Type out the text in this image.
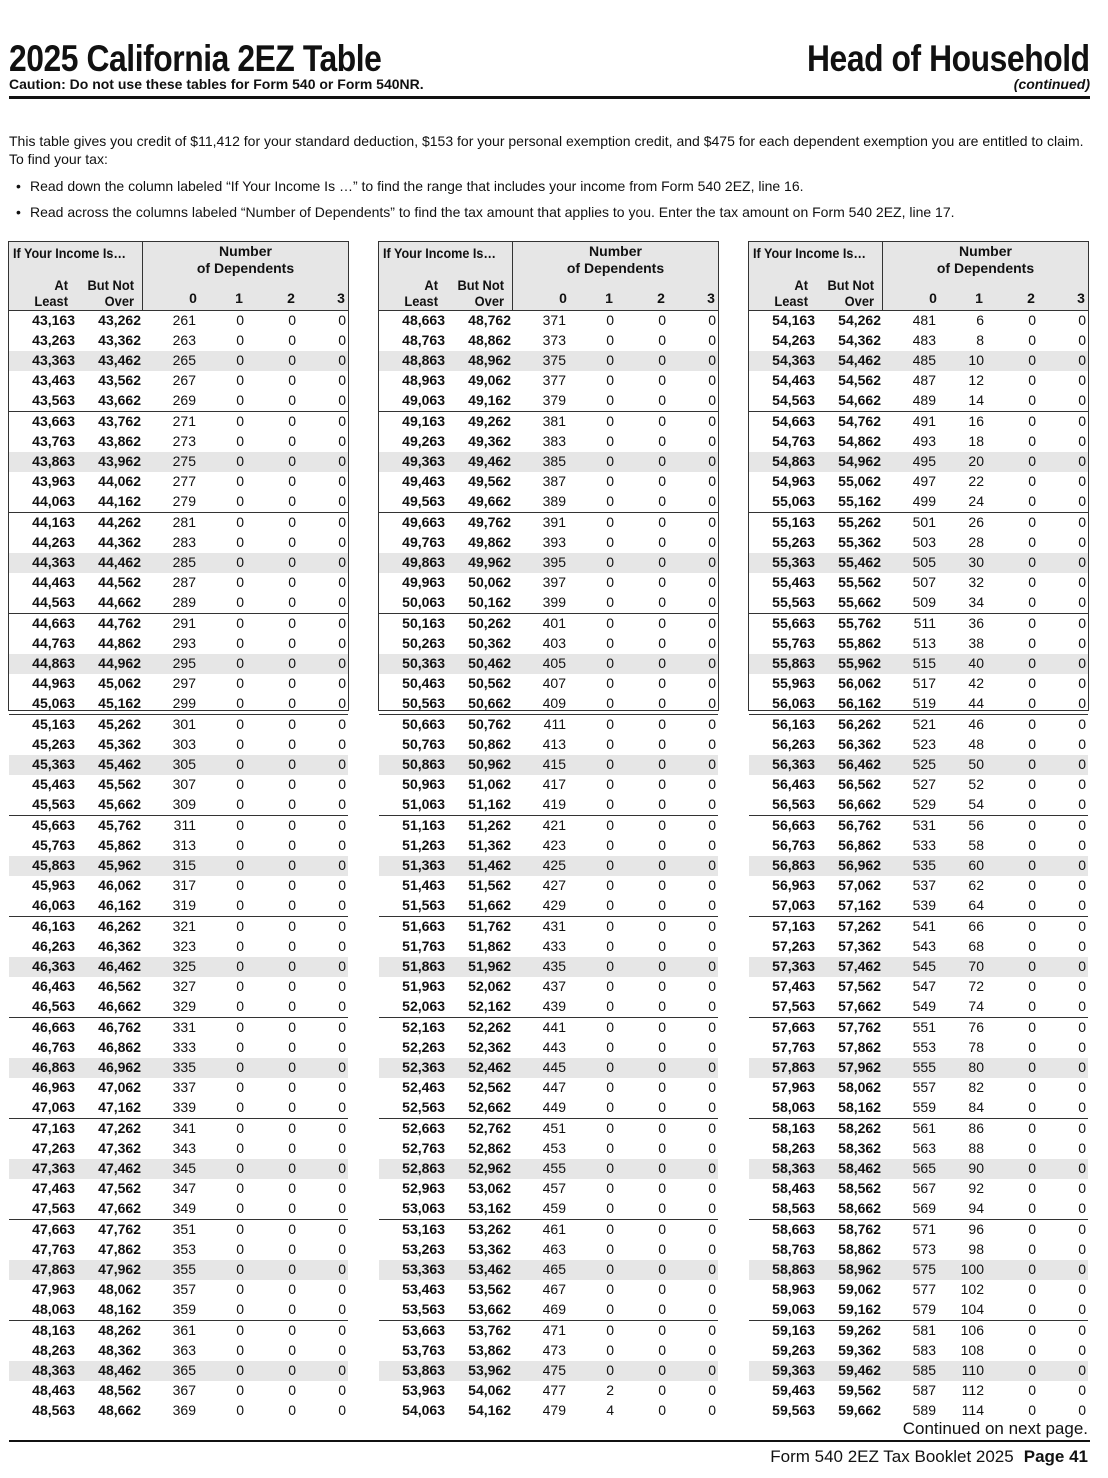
2025 California 2EZ Table	Head of Household
Caution: Do not use these tables for Form 540 or Form 540NR.	(continued)
This table gives you credit of $11,412 for your standard deduction, $153 for your personal exemption credit, and $475 for each dependent exemption you are entitled to claim. To find your tax:
• Read down the column labeled “If Your Income Is …” to find the range that includes your income from Form 540 2EZ, line 16.
• Read across the columns labeled “Number of Dependents” to find the tax amount that applies to you. Enter the tax amount on Form 540 2EZ, line 17.
If Your Income Is…	Number
of Dependents
At
Least
But Not
Over	0	1	2	3
43,163 43,262 261	0	0	0
43,263 43,362 263	0	0	0
43,363 43,462 265	0	0	0
43,463 43,562 267	0	0	0
43,563 43,662 269	0	0	0
43,663 43,762 271	0	0	0
43,763 43,862 273	0	0	0
43,863 43,962 275	0	0	0
43,963 44,062 277	0	0	0
44,063 44,162 279	0	0	0
44,163 44,262 281	0	0	0
44,263 44,362 283	0	0	0
44,363 44,462 285	0	0	0
44,463 44,562 287	0	0	0
44,563 44,662 289	0	0	0
44,663 44,762 291	0	0	0
44,763 44,862 293	0	0	0
44,863 44,962 295	0	0	0
44,963 45,062 297	0	0	0
45,063 45,162 299	0	0	0
45,163 45,262 301	0	0	0
45,263 45,362 303	0	0	0
45,363 45,462 305	0	0	0
45,463 45,562 307	0	0	0
45,563 45,662 309	0	0	0
45,663 45,762 311	0	0	0
45,763 45,862 313	0	0	0
45,863 45,962 315	0	0	0
45,963 46,062 317	0	0	0
46,063 46,162 319	0	0	0
46,163 46,262 321	0	0	0
46,263 46,362 323	0	0	0
46,363 46,462 325	0	0	0
46,463 46,562 327	0	0	0
46,563 46,662 329	0	0	0
46,663 46,762 331	0	0	0
46,763 46,862 333	0	0	0
46,863 46,962 335	0	0	0
46,963 47,062 337	0	0	0
47,063 47,162 339	0	0	0
47,163 47,262 341	0	0	0
47,263 47,362 343	0	0	0
47,363 47,462 345	0	0	0
47,463 47,562 347	0	0	0
47,563 47,662 349	0	0	0
47,663 47,762 351	0	0	0
47,763 47,862 353	0	0	0
47,863 47,962 355	0	0	0
47,963 48,062 357	0	0	0
48,063 48,162 359	0	0	0
48,163 48,262 361	0	0	0
48,263 48,362 363	0	0	0
48,363 48,462 365	0	0	0
48,463 48,562 367	0	0	0
48,563 48,662 369	0	0	0
If Your Income Is…	Number
of Dependents
At
Least
But Not
Over	0	1	2	3
48,663 48,762 371	0	0	0
48,763 48,862 373	0	0	0
48,863 48,962 375	0	0	0
48,963 49,062 377	0	0	0
49,063 49,162 379	0	0	0
49,163 49,262 381	0	0	0
49,263 49,362 383	0	0	0
49,363 49,462 385	0	0	0
49,463 49,562 387	0	0	0
49,563 49,662 389	0	0	0
49,663 49,762 391	0	0	0
49,763 49,862 393	0	0	0
49,863 49,962 395	0	0	0
49,963 50,062 397	0	0	0
50,063 50,162 399	0	0	0
50,163 50,262 401	0	0	0
50,263 50,362 403	0	0	0
50,363 50,462 405	0	0	0
50,463 50,562 407	0	0	0
50,563 50,662 409	0	0	0
50,663 50,762 411	0	0	0
50,763 50,862 413	0	0	0
50,863 50,962 415	0	0	0
50,963 51,062 417	0	0	0
51,063 51,162 419	0	0	0
51,163 51,262 421	0	0	0
51,263 51,362 423	0	0	0
51,363 51,462 425	0	0	0
51,463 51,562 427	0	0	0
51,563 51,662 429	0	0	0
51,663 51,762 431	0	0	0
51,763 51,862 433	0	0	0
51,863 51,962 435	0	0	0
51,963 52,062 437	0	0	0
52,063 52,162 439	0	0	0
52,163 52,262 441	0	0	0
52,263 52,362 443	0	0	0
52,363 52,462 445	0	0	0
52,463 52,562 447	0	0	0
52,563 52,662 449	0	0	0
52,663 52,762 451	0	0	0
52,763 52,862 453	0	0	0
52,863 52,962 455	0	0	0
52,963 53,062 457	0	0	0
53,063 53,162 459	0	0	0
53,163 53,262 461	0	0	0
53,263 53,362 463	0	0	0
53,363 53,462 465	0	0	0
53,463 53,562 467	0	0	0
53,563 53,662 469	0	0	0
53,663 53,762 471	0	0	0
53,763 53,862 473	0	0	0
53,863 53,962 475	0	0	0
53,963 54,062 477	2	0	0
54,063 54,162 479	4	0	0
If Your Income Is…	Number
of Dependents
At
Least
But Not
Over	0	1	2	3
54,163 54,262 481	6	0	0
54,263 54,362 483	8	0	0
54,363 54,462 485 10	0	0
54,463 54,562 487 12	0	0
54,563 54,662 489 14	0	0
54,663 54,762 491 16	0	0
54,763 54,862 493 18	0	0
54,863 54,962 495 20	0	0
54,963 55,062 497 22	0	0
55,063 55,162 499 24	0	0
55,163 55,262 501 26	0	0
55,263 55,362 503 28	0	0
55,363 55,462 505 30	0	0
55,463 55,562 507 32	0	0
55,563 55,662 509 34	0	0
55,663 55,762 511 36	0	0
55,763 55,862 513 38	0	0
55,863 55,962 515 40	0	0
55,963 56,062 517 42	0	0
56,063 56,162 519 44	0	0
56,163 56,262 521 46	0	0
56,263 56,362 523 48	0	0
56,363 56,462 525 50	0	0
56,463 56,562 527 52	0	0
56,563 56,662 529 54	0	0
56,663 56,762 531 56	0	0
56,763 56,862 533 58	0	0
56,863 56,962 535 60	0	0
56,963 57,062 537 62	0	0
57,063 57,162 539 64	0	0
57,163 57,262 541 66	0	0
57,263 57,362 543 68	0	0
57,363 57,462 545 70	0	0
57,463 57,562 547 72	0	0
57,563 57,662 549 74	0	0
57,663 57,762 551 76	0	0
57,763 57,862 553 78	0	0
57,863 57,962 555 80	0	0
57,963 58,062 557 82	0	0
58,063 58,162 559 84	0	0
58,163 58,262 561 86	0	0
58,263 58,362 563 88	0	0
58,363 58,462 565 90	0	0
58,463 58,562 567 92	0	0
58,563 58,662 569 94	0	0
58,663 58,762 571 96	0	0
58,763 58,862 573 98	0	0
58,863 58,962 575 100	0	0
58,963 59,062 577 102	0	0
59,063 59,162 579 104	0	0
59,163 59,262 581 106	0	0
59,263 59,362 583 108	0	0
59,363 59,462 585 110	0	0
59,463 59,562 587 112	0	0
59,563 59,662 589 114	0	0
Continued on next page.
Form 540 2EZ Tax Booklet 2025 Page 41
